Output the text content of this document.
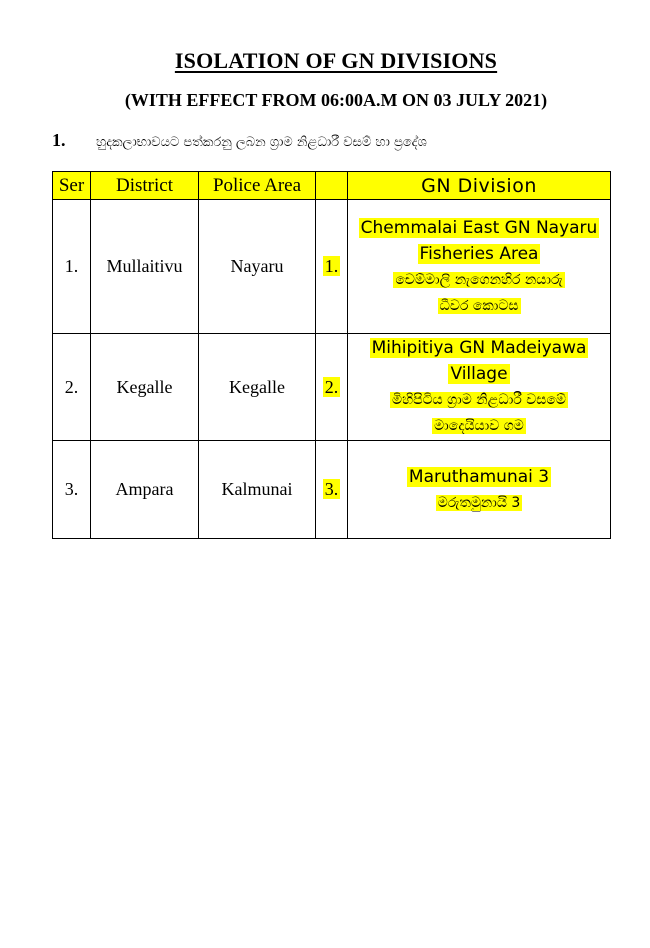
ISOLATION OF GN DIVISIONS
(WITH EFFECT FROM 06:00A.M ON 03 JULY 2021)
1.	හුදකලාභාවයට පත්කරනු ලබන ග්‍රාම නිළධාරී වසම් හා ප්‍රදේශ
Ser	District	Police Area		GN Division
1.	Mullaitivu	Nayaru	1.	Chemmalai East GN Nayaru
Fisheries Area
චෙම්මාලි නැගෙනහිර නයාරු
ධීවර කොටස

2.	Kegalle	Kegalle	2.	Mihipitiya GN Madeiyawa
Village
මිහිපිටිය ග්‍රාම නිළධාරී වසමේ
මාදෙයියාව ගම

3.	Ampara	Kalmunai	3.	Maruthamunai 3
මරුතමුනායි 3
